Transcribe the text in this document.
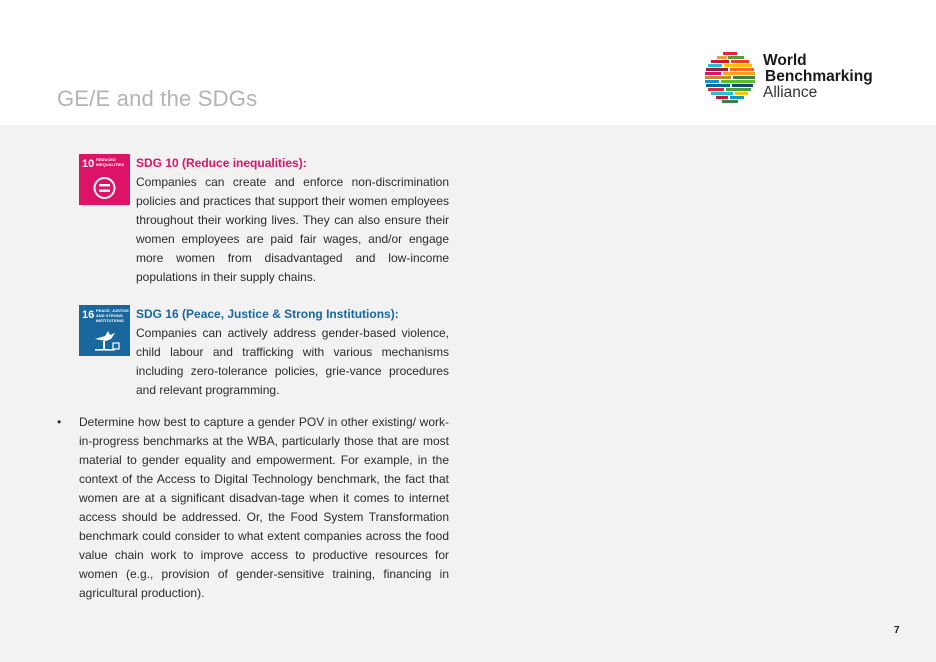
GE/E and the SDGs
World
Benchmarking
Alliance
10 REDUCED
INEQUALITIES SDG 10 (Reduce inequalities):
Companies can create and enforce non-discrimination policies and practices that support their women employees throughout their working lives. They can also ensure their women employees are paid fair wages, and/or engage more women from disadvantaged and low-income populations in their supply chains.
16 PEACE, JUSTICE
AND STRONG
INSTITUTIONS SDG 16 (Peace, Justice & Strong Institutions):
Companies can actively address gender-based violence, child labour and trafficking with various mechanisms including zero-tolerance policies, grie-vance procedures and relevant programming.
• Determine how best to capture a gender POV in other existing/ work-in-progress benchmarks at the WBA, particularly those that are most material to gender equality and empowerment. For example, in the context of the Access to Digital Technology benchmark, the fact that women are at a significant disadvan-tage when it comes to internet access should be addressed. Or, the Food System Transformation benchmark could consider to what extent companies across the food value chain work to improve access to productive resources for women (e.g., provision of gender-sensitive training, financing in agricultural production).
7
